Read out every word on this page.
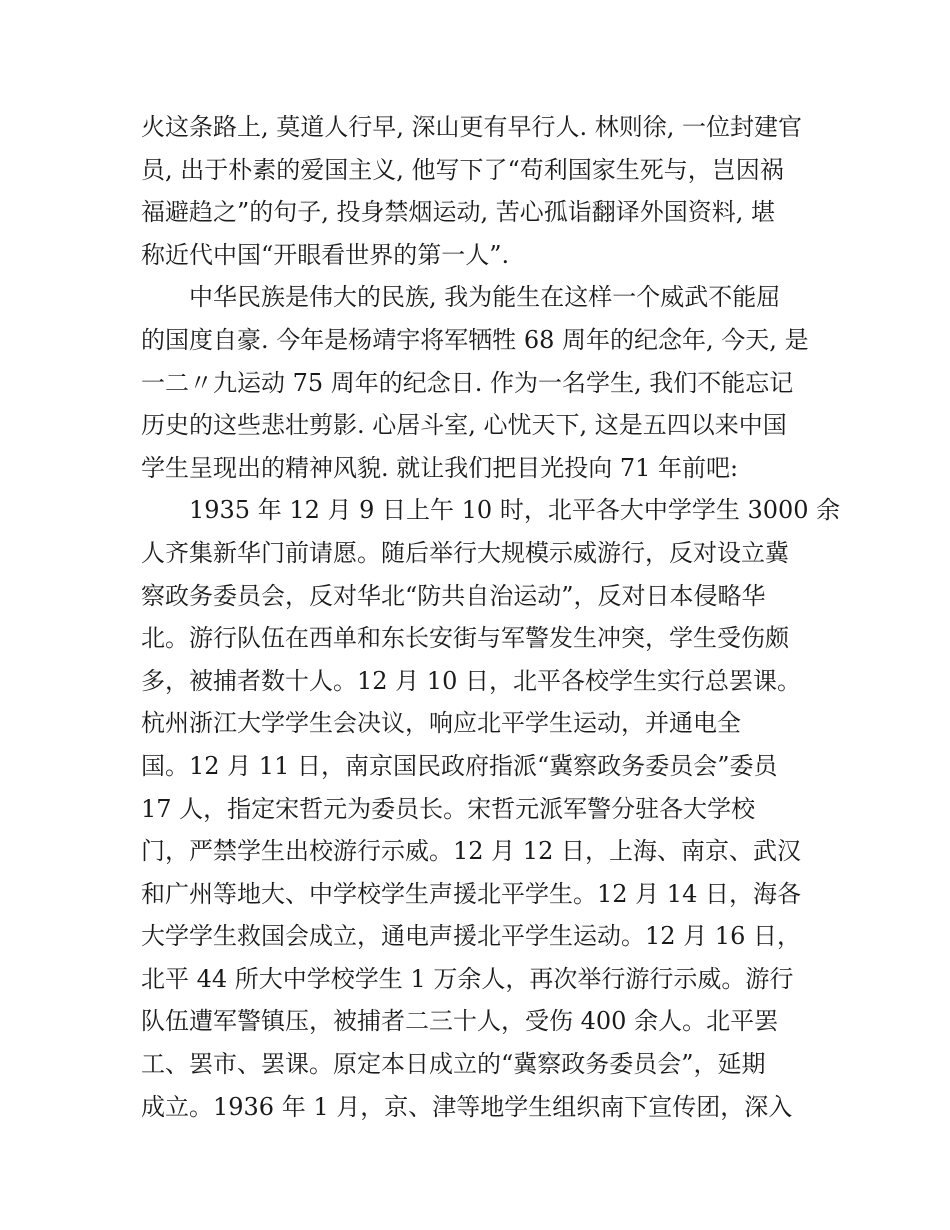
火这条路上, 莫道人行早, 深山更有早行人. 林则徐, 一位封建官
员, 出于朴素的爱国主义, 他写下了“苟利国家生死与，岂因祸
福避趋之”的句子, 投身禁烟运动, 苦心孤诣翻译外国资料, 堪
称近代中国“开眼看世界的第一人”.
中华民族是伟大的民族, 我为能生在这样一个威武不能屈
的国度自豪. 今年是杨靖宇将军牺牲 68 周年的纪念年, 今天, 是
一二〃九运动 75 周年的纪念日. 作为一名学生, 我们不能忘记
历史的这些悲壮剪影. 心居斗室, 心忧天下, 这是五四以来中国
学生呈现出的精神风貌. 就让我们把目光投向 71 年前吧:
1935 年 12 月 9 日上午 10 时，北平各大中学学生 3000 余
人齐集新华门前请愿。随后举行大规模示威游行，反对设立冀
察政务委员会，反对华北“防共自治运动”，反对日本侵略华
北。游行队伍在西单和东长安街与军警发生冲突，学生受伤颇
多，被捕者数十人。12 月 10 日，北平各校学生实行总罢课。
杭州浙江大学学生会决议，响应北平学生运动，并通电全
国。12 月 11 日，南京国民政府指派“冀察政务委员会”委员
17 人，指定宋哲元为委员长。宋哲元派军警分驻各大学校
门，严禁学生出校游行示威。12 月 12 日，上海、南京、武汉
和广州等地大、中学校学生声援北平学生。12 月 14 日，海各
大学学生救国会成立，通电声援北平学生运动。12 月 16 日，
北平 44 所大中学校学生 1 万余人，再次举行游行示威。游行
队伍遭军警镇压，被捕者二三十人，受伤 400 余人。北平罢
工、罢市、罢课。原定本日成立的“冀察政务委员会”，延期
成立。1936 年 1 月，京、津等地学生组织南下宣传团，深入
